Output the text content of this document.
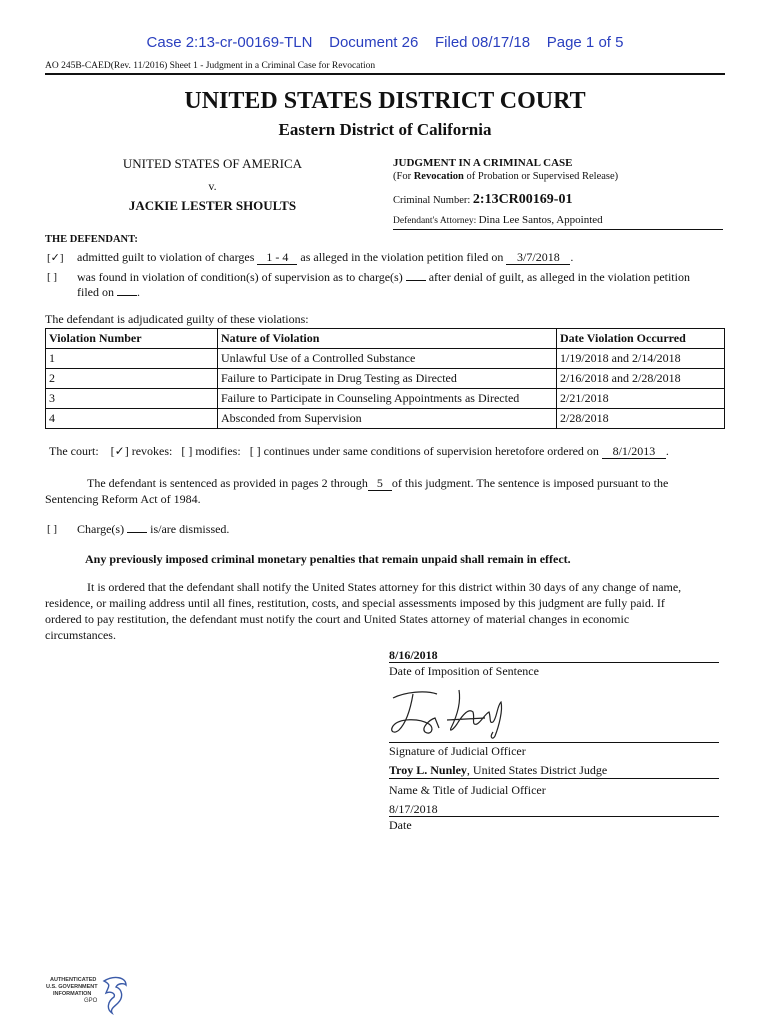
Case 2:13-cr-00169-TLN    Document 26    Filed 08/17/18    Page 1 of 5
AO 245B-CAED(Rev. 11/2016) Sheet 1 - Judgment in a Criminal Case for Revocation
UNITED STATES DISTRICT COURT
Eastern District of California
UNITED STATES OF AMERICA
v.
JACKIE LESTER SHOULTS
JUDGMENT IN A CRIMINAL CASE
(For Revocation of Probation or Supervised Release)
Criminal Number: 2:13CR00169-01
Defendant's Attorney: Dina Lee Santos, Appointed
THE DEFENDANT:
[✓] admitted guilt to violation of charges 1 - 4 as alleged in the violation petition filed on 3/7/2018 .
[ ] was found in violation of condition(s) of supervision as to charge(s) after denial of guilt, as alleged in the violation petition
filed on .
The defendant is adjudicated guilty of these violations:
Violation Number	Nature of Violation	Date Violation Occurred
1	Unlawful Use of a Controlled Substance	1/19/2018 and 2/14/2018
2	Failure to Participate in Drug Testing as Directed	2/16/2018 and 2/28/2018
3	Failure to Participate in Counseling Appointments as Directed	2/21/2018
4	Absconded from Supervision	2/28/2018
The court: [✓] revokes: [ ] modifies: [ ] continues under same conditions of supervision heretofore ordered on 8/1/2013 .
The defendant is sentenced as provided in pages 2 through 5 of this judgment. The sentence is imposed pursuant to the
Sentencing Reform Act of 1984.
[ ] Charge(s) is/are dismissed.
Any previously imposed criminal monetary penalties that remain unpaid shall remain in effect.
It is ordered that the defendant shall notify the United States attorney for this district within 30 days of any change of name,
residence, or mailing address until all fines, restitution, costs, and special assessments imposed by this judgment are fully paid. If
ordered to pay restitution, the defendant must notify the court and United States attorney of material changes in economic
circumstances.
8/16/2018
Date of Imposition of Sentence
Signature of Judicial Officer
Troy L. Nunley, United States District Judge
Name & Title of Judicial Officer
8/17/2018
Date
AUTHENTICATED
U.S. GOVERNMENT
INFORMATION
GPO
